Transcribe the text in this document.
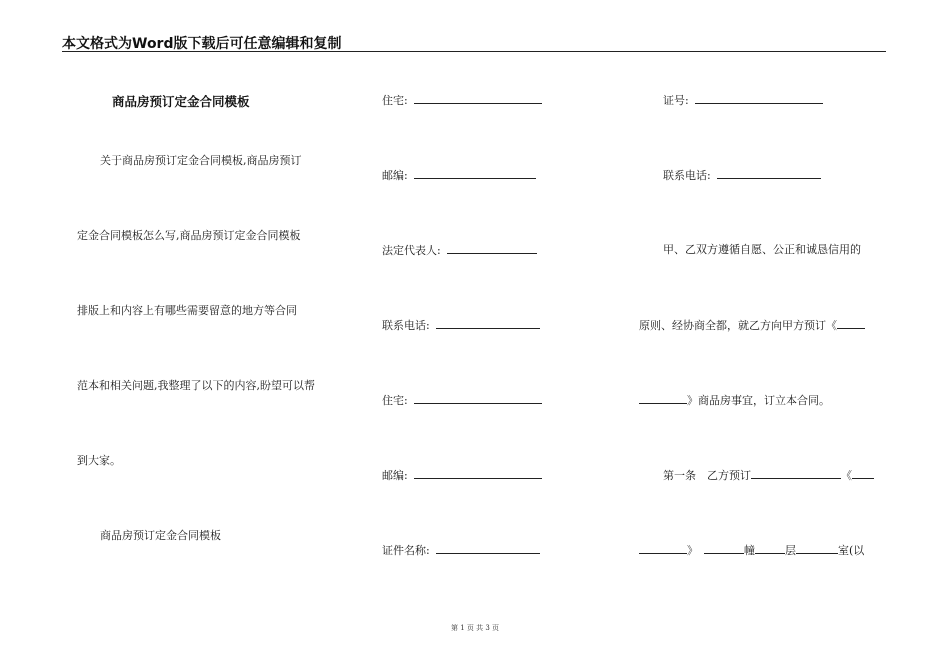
本文格式为Word版下载后可任意编辑和复制
商品房预订定金合同模板
关于商品房预订定金合同模板,商品房预订
定金合同模板怎么写,商品房预订定金合同模板
排版上和内容上有哪些需要留意的地方等合同
范本和相关问题,我整理了以下的内容,盼望可以帮
到大家。
商品房预订定金合同模板
住宅:
邮编:
法定代表人:
联系电话:
住宅:
邮编:
证件名称:
证号:
联系电话:
甲、乙双方遵循自愿、公正和诚恳信用的
原则、经协商全都，就乙方向甲方预订《
》商品房事宜，订立本合同。
第一条　乙方预订	《
》	幢	层	室(以
第 1 页 共 3 页
